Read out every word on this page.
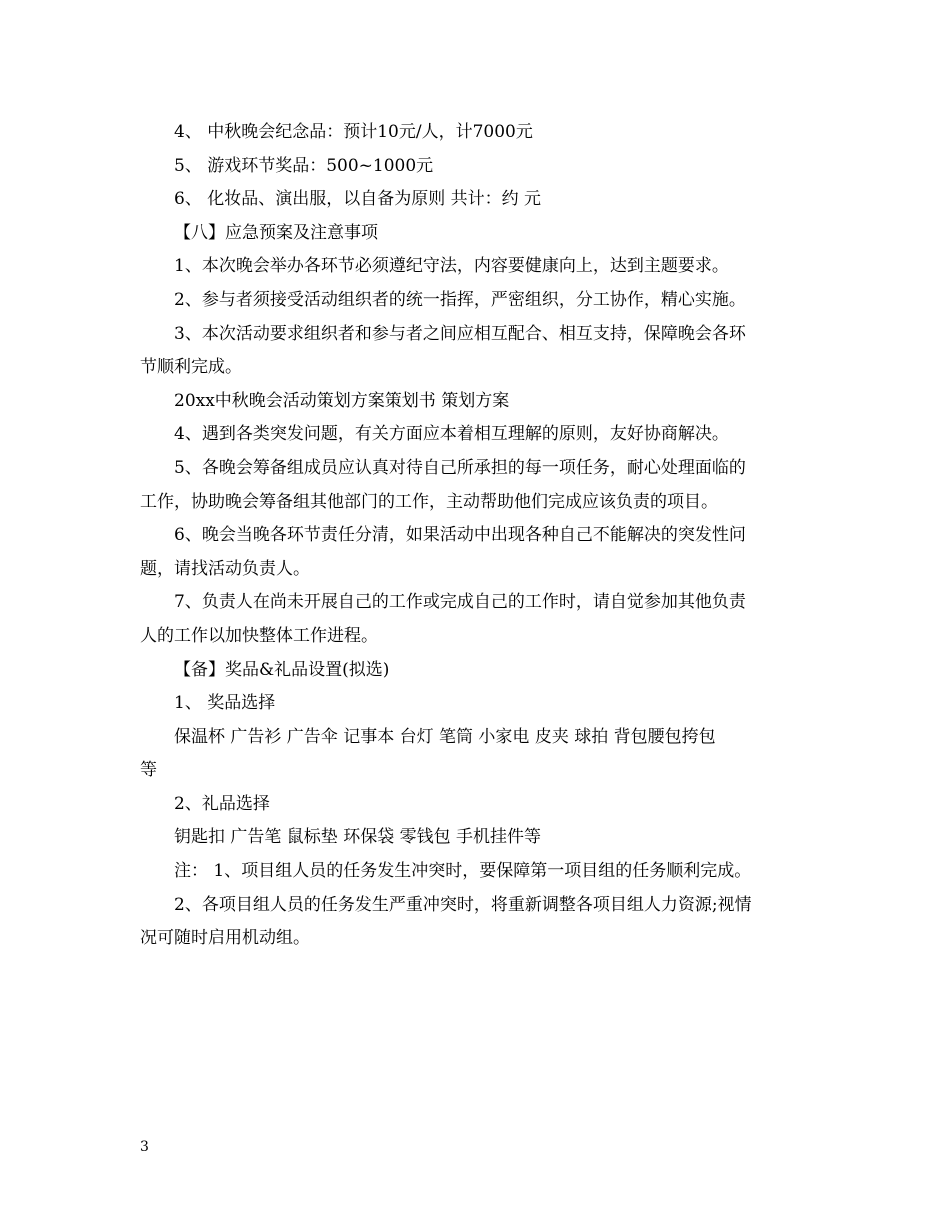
4、 中秋晚会纪念品：预计10元/人，计7000元
5、 游戏环节奖品：500~1000元
6、 化妆品、演出服，以自备为原则 共计：约 元
【八】应急预案及注意事项
1、本次晚会举办各环节必须遵纪守法，内容要健康向上，达到主题要求。
2、参与者须接受活动组织者的统一指挥，严密组织，分工协作，精心实施。
3、本次活动要求组织者和参与者之间应相互配合、相互支持，保障晚会各环
节顺利完成。
20xx中秋晚会活动策划方案策划书 策划方案
4、遇到各类突发问题，有关方面应本着相互理解的原则，友好协商解决。
5、各晚会筹备组成员应认真对待自己所承担的每一项任务，耐心处理面临的
工作，协助晚会筹备组其他部门的工作，主动帮助他们完成应该负责的项目。
6、晚会当晚各环节责任分清，如果活动中出现各种自己不能解决的突发性问
题，请找活动负责人。
7、负责人在尚未开展自己的工作或完成自己的工作时，请自觉参加其他负责
人的工作以加快整体工作进程。
【备】奖品&礼品设置(拟选)
1、 奖品选择
保温杯 广告衫 广告伞 记事本 台灯 笔筒 小家电 皮夹 球拍 背包腰包挎包
等
2、礼品选择
钥匙扣 广告笔 鼠标垫 环保袋 零钱包 手机挂件等
注： 1、项目组人员的任务发生冲突时，要保障第一项目组的任务顺利完成。
2、各项目组人员的任务发生严重冲突时，将重新调整各项目组人力资源;视情
况可随时启用机动组。
3
